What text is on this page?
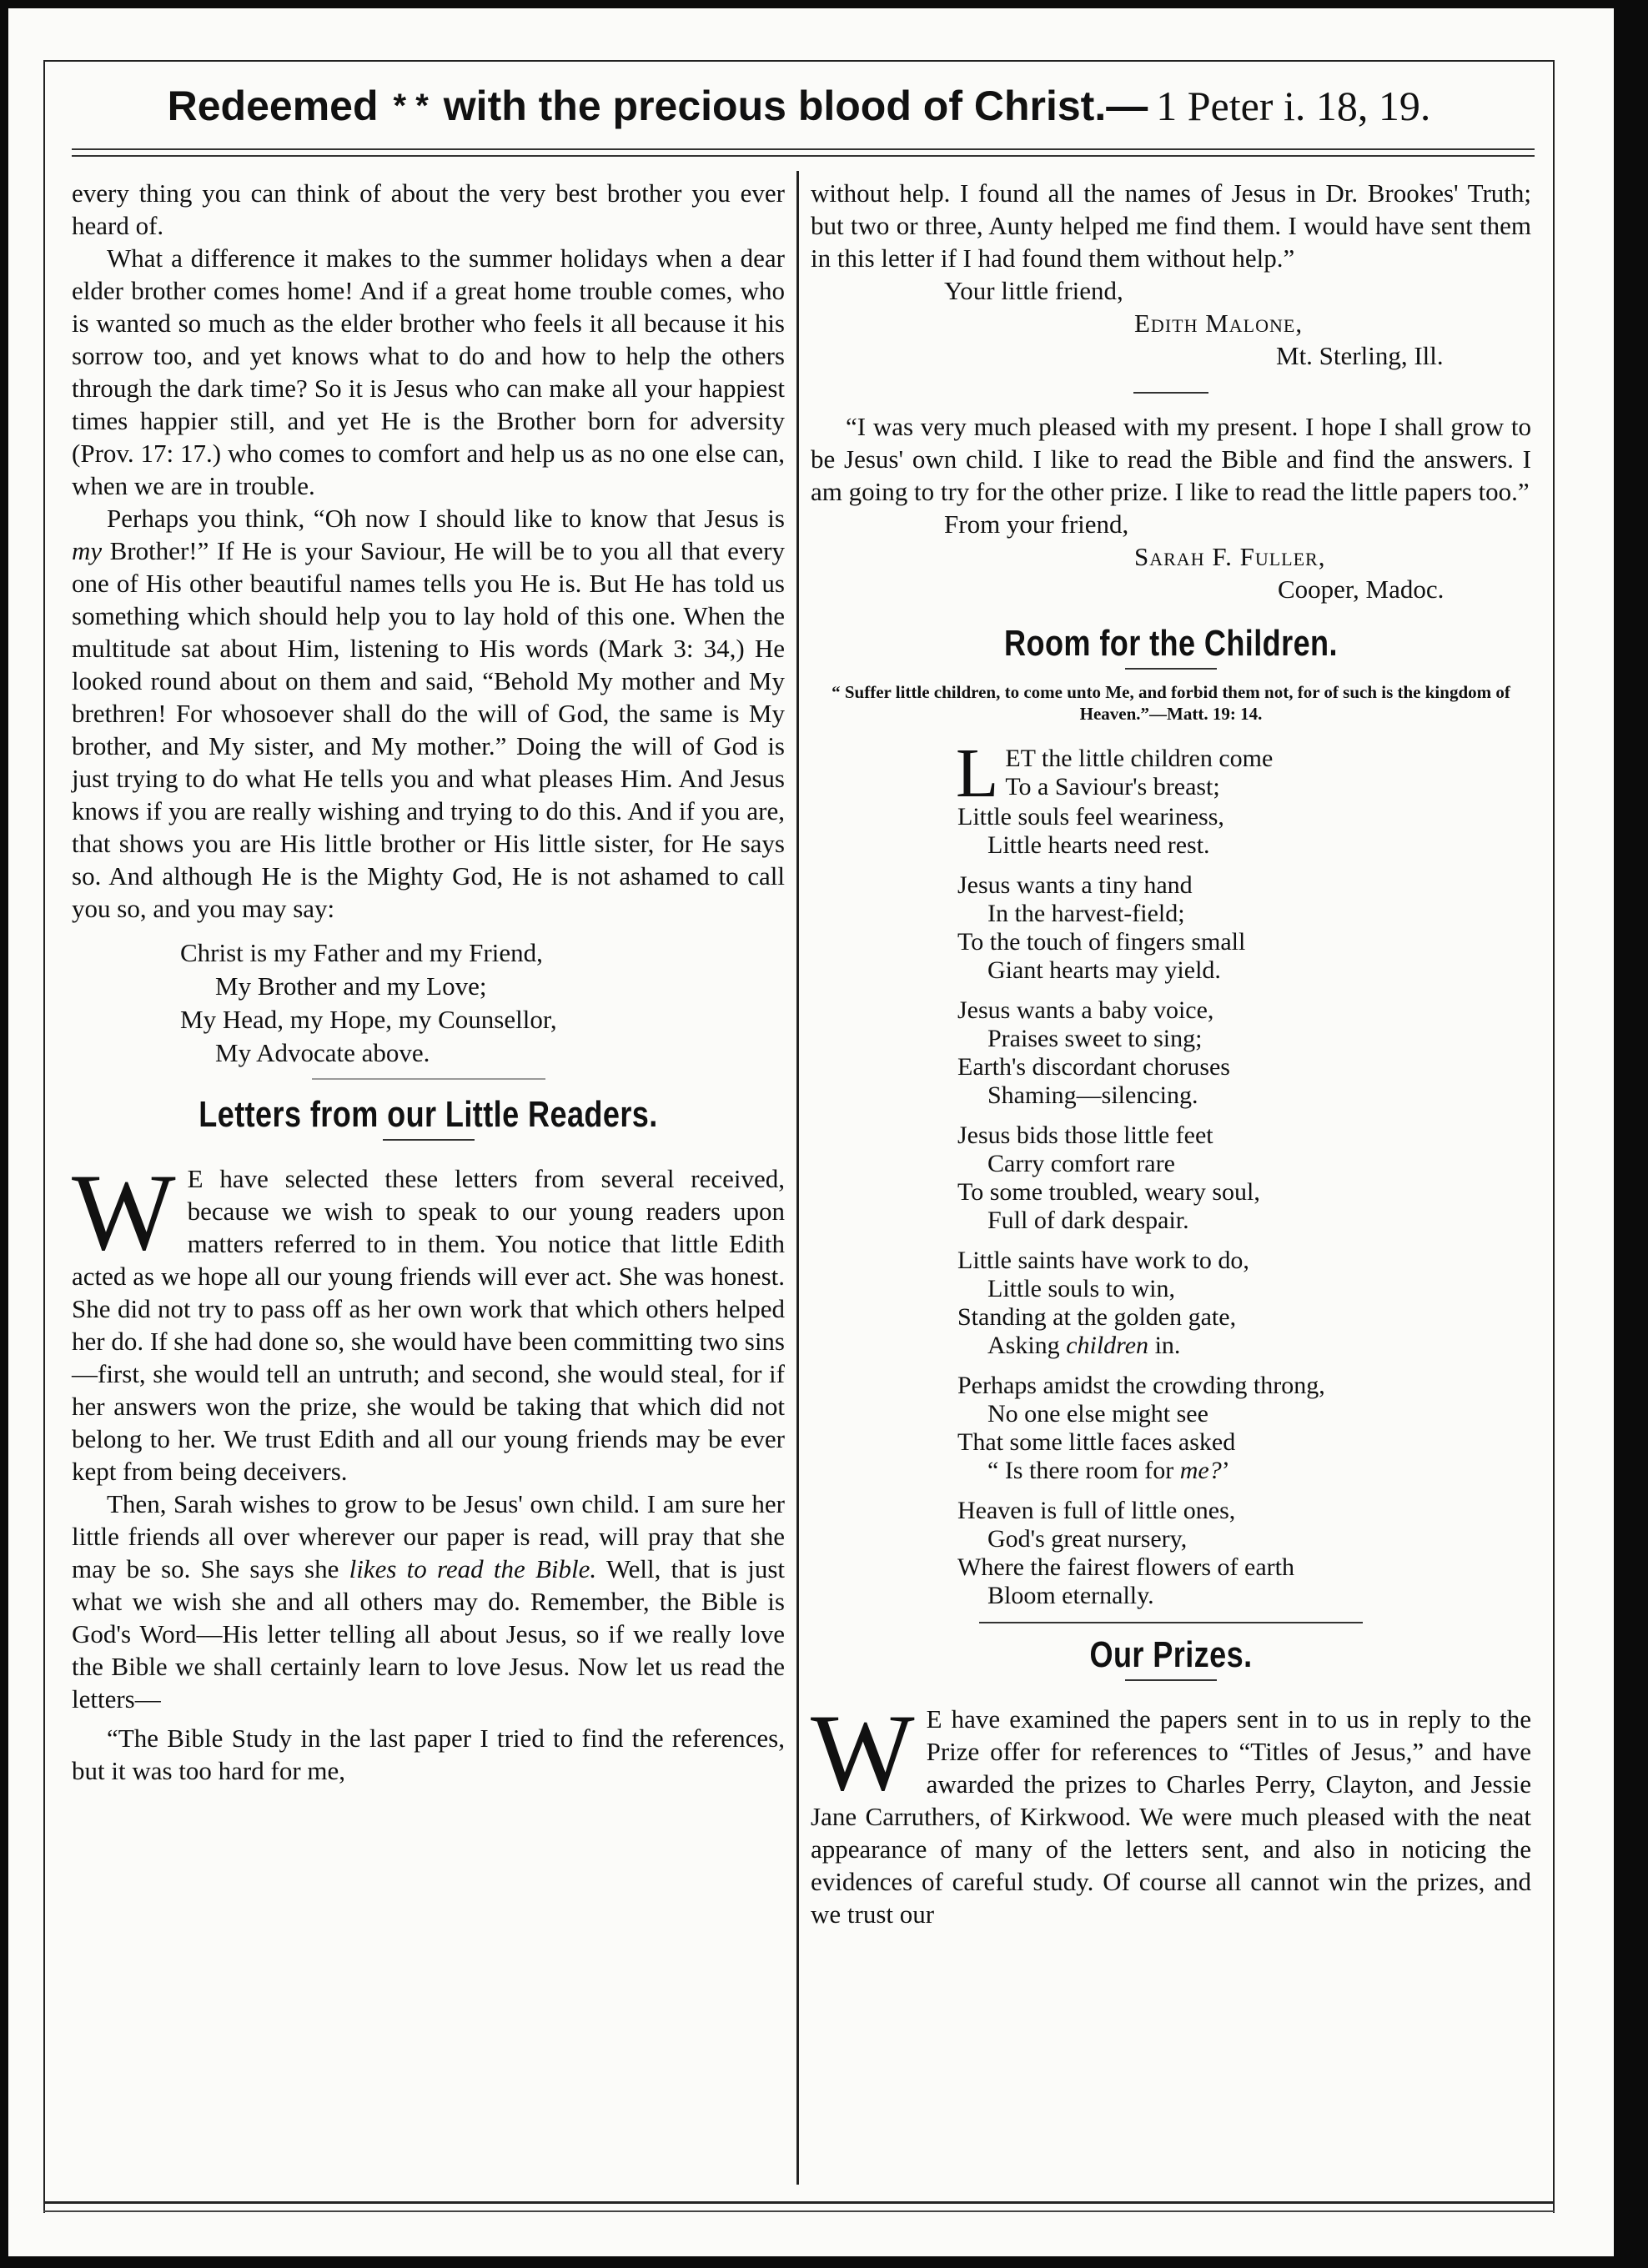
Redeemed * * with the precious blood of Christ.— 1 Peter i. 18, 19.

every thing you can think of about the very best brother you ever heard of.

What a difference it makes to the summer holidays when a dear elder brother comes home! And if a great home trouble comes, who is wanted so much as the elder brother who feels it all because it his sorrow too, and yet knows what to do and how to help the others through the dark time? So it is Jesus who can make all your happiest times happier still, and yet He is the Brother born for adversity (Prov. 17: 17.) who comes to comfort and help us as no one else can, when we are in trouble.

Perhaps you think, “Oh now I should like to know that Jesus is my Brother!” If He is your Saviour, He will be to you all that every one of His other beautiful names tells you He is. But He has told us something which should help you to lay hold of this one. When the multitude sat about Him, listening to His words (Mark 3: 34,) He looked round about on them and said, “Behold My mother and My brethren! For whosoever shall do the will of God, the same is My brother, and My sister, and My mother.” Doing the will of God is just trying to do what He tells you and what pleases Him. And Jesus knows if you are really wishing and trying to do this. And if you are, that shows you are His little brother or His little sister, for He says so. And although He is the Mighty God, He is not ashamed to call you so, and you may say:

Christ is my Father and my Friend,
My Brother and my Love;
My Head, my Hope, my Counsellor,
My Advocate above.
Letters from our Little Readers.
W E have selected these letters from several received, because we wish to speak to our young readers upon matters referred to in them. You notice that little Edith acted as we hope all our young friends will ever act. She was honest. She did not try to pass off as her own work that which others helped her do. If she had done so, she would have been committing two sins—first, she would tell an untruth; and second, she would steal, for if her answers won the prize, she would be taking that which did not belong to her. We trust Edith and all our young friends may be ever kept from being deceivers.

Then, Sarah wishes to grow to be Jesus' own child. I am sure her little friends all over wherever our paper is read, will pray that she may be so. She says she likes to read the Bible. Well, that is just what we wish she and all others may do. Remember, the Bible is God's Word—His letter telling all about Jesus, so if we really love the Bible we shall certainly learn to love Jesus. Now let us read the letters—

“The Bible Study in the last paper I tried to find the references, but it was too hard for me,

without help. I found all the names of Jesus in Dr. Brookes' Truth; but two or three, Aunty helped me find them. I would have sent them in this letter if I had found them without help.”

Your little friend,
Edith Malone,
Mt. Sterling, Ill.

“I was very much pleased with my present. I hope I shall grow to be Jesus' own child. I like to read the Bible and find the answers. I am going to try for the other prize. I like to read the little papers too.”

From your friend,
Sarah F. Fuller,
Cooper, Madoc.
Room for the Children.
“ Suffer little children, to come unto Me, and forbid them not, for of such is the kingdom of Heaven.”—Matt. 19: 14.
L ET the little children come
To a Saviour's breast;
Little souls feel weariness,
Little hearts need rest.
Jesus wants a tiny hand
In the harvest-field;
To the touch of fingers small
Giant hearts may yield.
Jesus wants a baby voice,
Praises sweet to sing;
Earth's discordant choruses
Shaming—silencing.
Jesus bids those little feet
Carry comfort rare
To some troubled, weary soul,
Full of dark despair.
Little saints have work to do,
Little souls to win,
Standing at the golden gate,
Asking children in.
Perhaps amidst the crowding throng,
No one else might see
That some little faces asked
“ Is there room for me?’
Heaven is full of little ones,
God's great nursery,
Where the fairest flowers of earth
Bloom eternally.
Our Prizes.
W E have examined the papers sent in to us in reply to the Prize offer for references to “Titles of Jesus,” and have awarded the prizes to Charles Perry, Clayton, and Jessie Jane Carruthers, of Kirkwood. We were much pleased with the neat appearance of many of the letters sent, and also in noticing the evidences of careful study. Of course all cannot win the prizes, and we trust our
